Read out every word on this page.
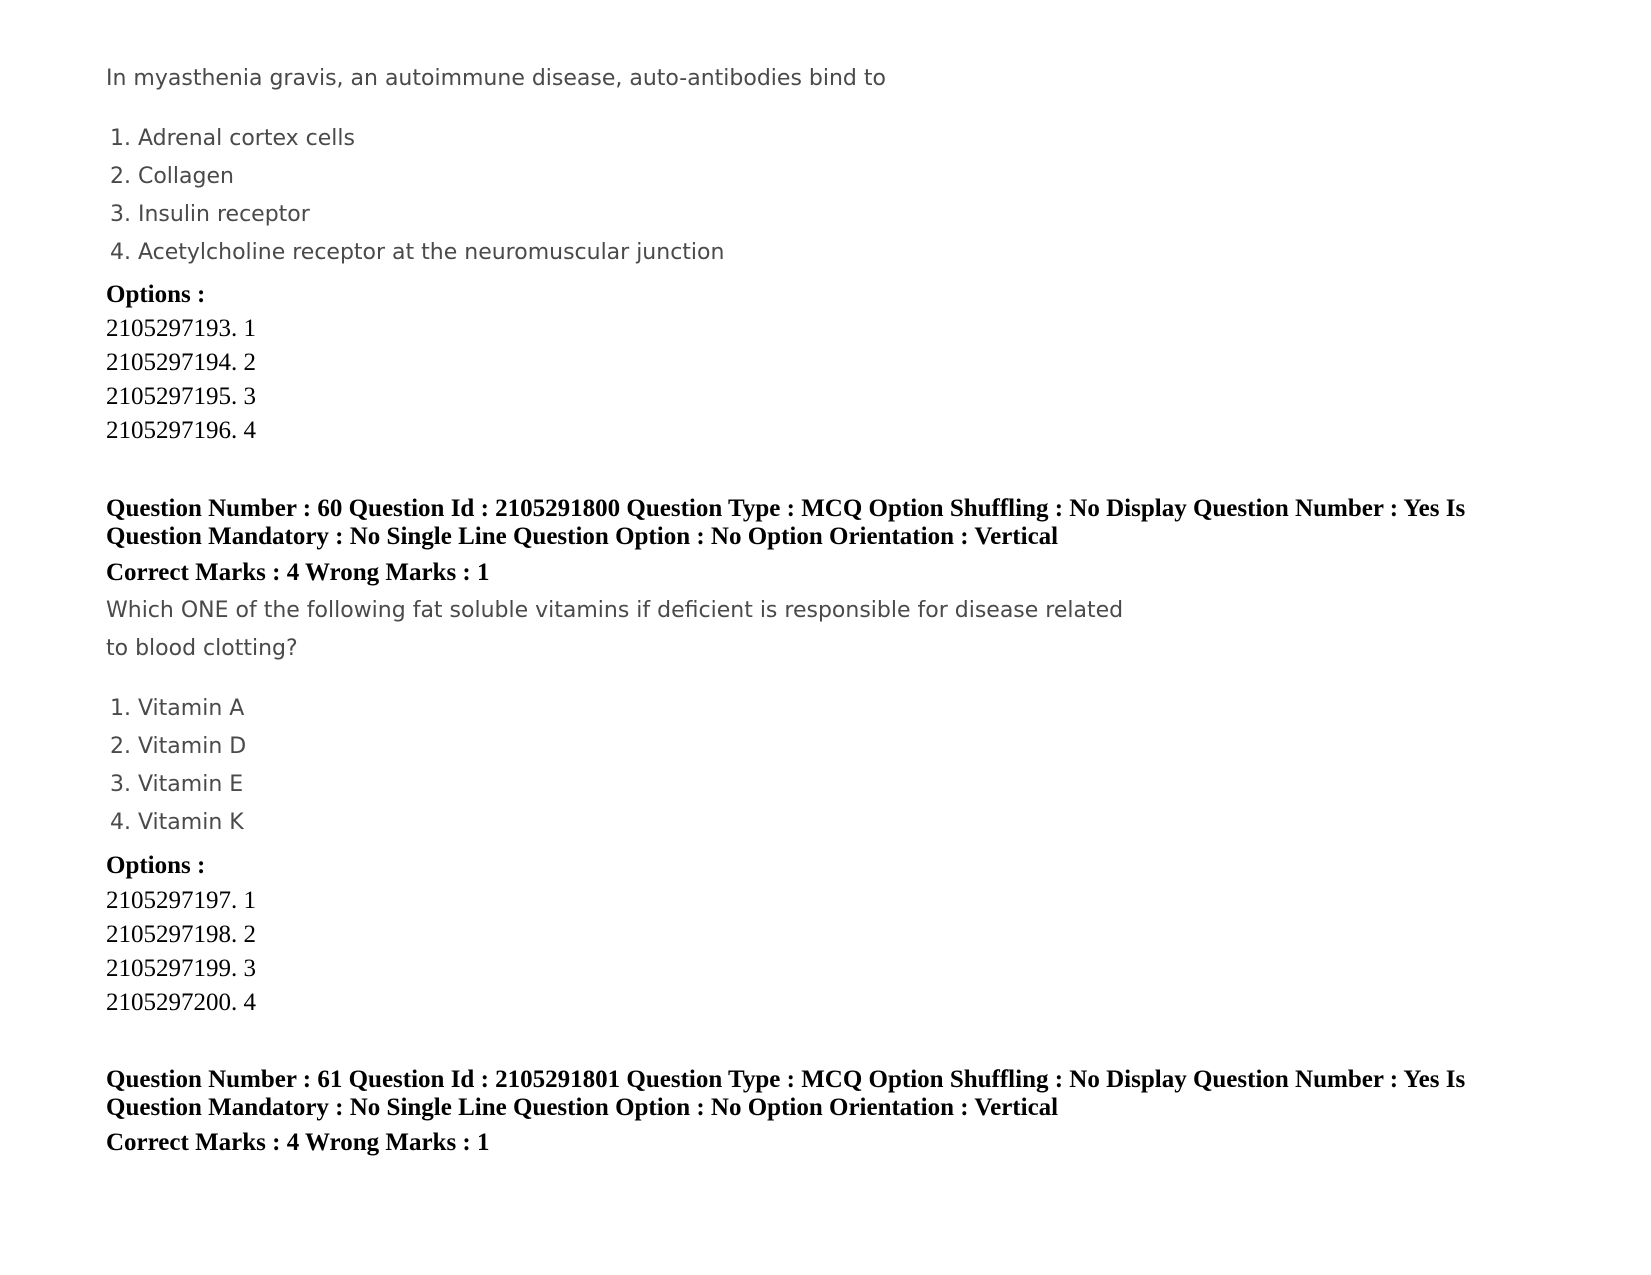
In myasthenia gravis, an autoimmune disease, auto-antibodies bind to
1. Adrenal cortex cells
2. Collagen
3. Insulin receptor
4. Acetylcholine receptor at the neuromuscular junction
Options :
2105297193. 1
2105297194. 2
2105297195. 3
2105297196. 4
Question Number : 60 Question Id : 2105291800 Question Type : MCQ Option Shuffling : No Display Question Number : Yes Is
Question Mandatory : No Single Line Question Option : No Option Orientation : Vertical
Correct Marks : 4 Wrong Marks : 1
Which ONE of the following fat soluble vitamins if deficient is responsible for disease related
to blood clotting?
1. Vitamin A
2. Vitamin D
3. Vitamin E
4. Vitamin K
Options :
2105297197. 1
2105297198. 2
2105297199. 3
2105297200. 4
Question Number : 61 Question Id : 2105291801 Question Type : MCQ Option Shuffling : No Display Question Number : Yes Is
Question Mandatory : No Single Line Question Option : No Option Orientation : Vertical
Correct Marks : 4 Wrong Marks : 1
